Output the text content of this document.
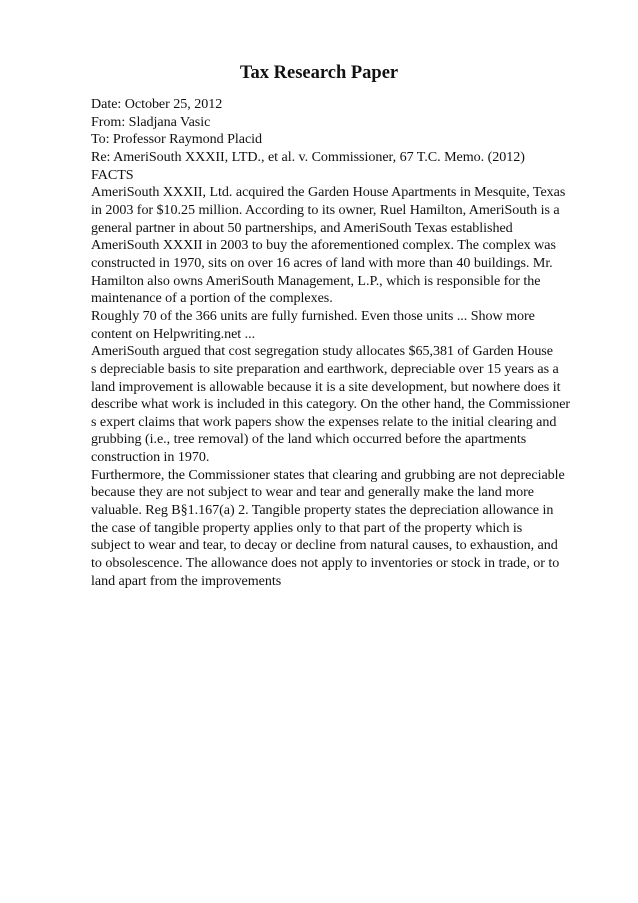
Tax Research Paper
Date: October 25, 2012
From: Sladjana Vasic
To: Professor Raymond Placid
Re: AmeriSouth XXXII, LTD., et al. v. Commissioner, 67 T.C. Memo. (2012)
FACTS
AmeriSouth XXXII, Ltd. acquired the Garden House Apartments in Mesquite, Texas
in 2003 for $10.25 million. According to its owner, Ruel Hamilton, AmeriSouth is a
general partner in about 50 partnerships, and AmeriSouth Texas established
AmeriSouth XXXII in 2003 to buy the aforementioned complex. The complex was
constructed in 1970, sits on over 16 acres of land with more than 40 buildings. Mr.
Hamilton also owns AmeriSouth Management, L.P., which is responsible for the
maintenance of a portion of the complexes.
Roughly 70 of the 366 units are fully furnished. Even those units ... Show more
content on Helpwriting.net ...
AmeriSouth argued that cost segregation study allocates $65,381 of Garden House
s depreciable basis to site preparation and earthwork, depreciable over 15 years as a
land improvement is allowable because it is a site development, but nowhere does it
describe what work is included in this category. On the other hand, the Commissioner
s expert claims that work papers show the expenses relate to the initial clearing and
grubbing (i.e., tree removal) of the land which occurred before the apartments
construction in 1970.
Furthermore, the Commissioner states that clearing and grubbing are not depreciable
because they are not subject to wear and tear and generally make the land more
valuable. Reg B§1.167(a) 2. Tangible property states the depreciation allowance in
the case of tangible property applies only to that part of the property which is
subject to wear and tear, to decay or decline from natural causes, to exhaustion, and
to obsolescence. The allowance does not apply to inventories or stock in trade, or to
land apart from the improvements
